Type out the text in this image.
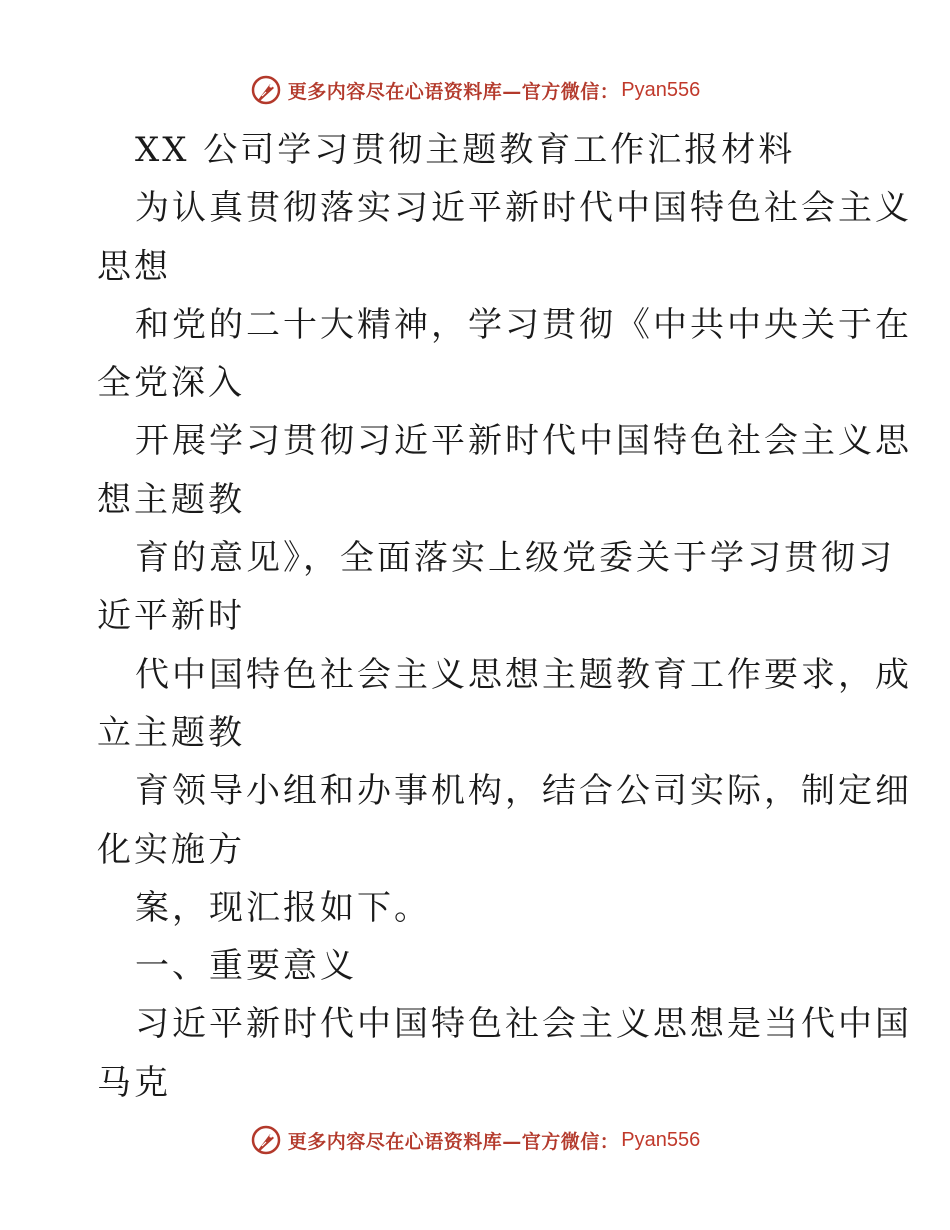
更多内容尽在心语资料库—官方微信： Pyan556
XX 公司学习贯彻主题教育工作汇报材料
为认真贯彻落实习近平新时代中国特色社会主义
思想
和党的二十大精神，学习贯彻《中共中央关于在
全党深入
开展学习贯彻习近平新时代中国特色社会主义思
想主题教
育的意见》，全面落实上级党委关于学习贯彻习
近平新时
代中国特色社会主义思想主题教育工作要求，成
立主题教
育领导小组和办事机构，结合公司实际，制定细
化实施方
案，现汇报如下。
一、重要意义
习近平新时代中国特色社会主义思想是当代中国
马克
更多内容尽在心语资料库—官方微信： Pyan556
